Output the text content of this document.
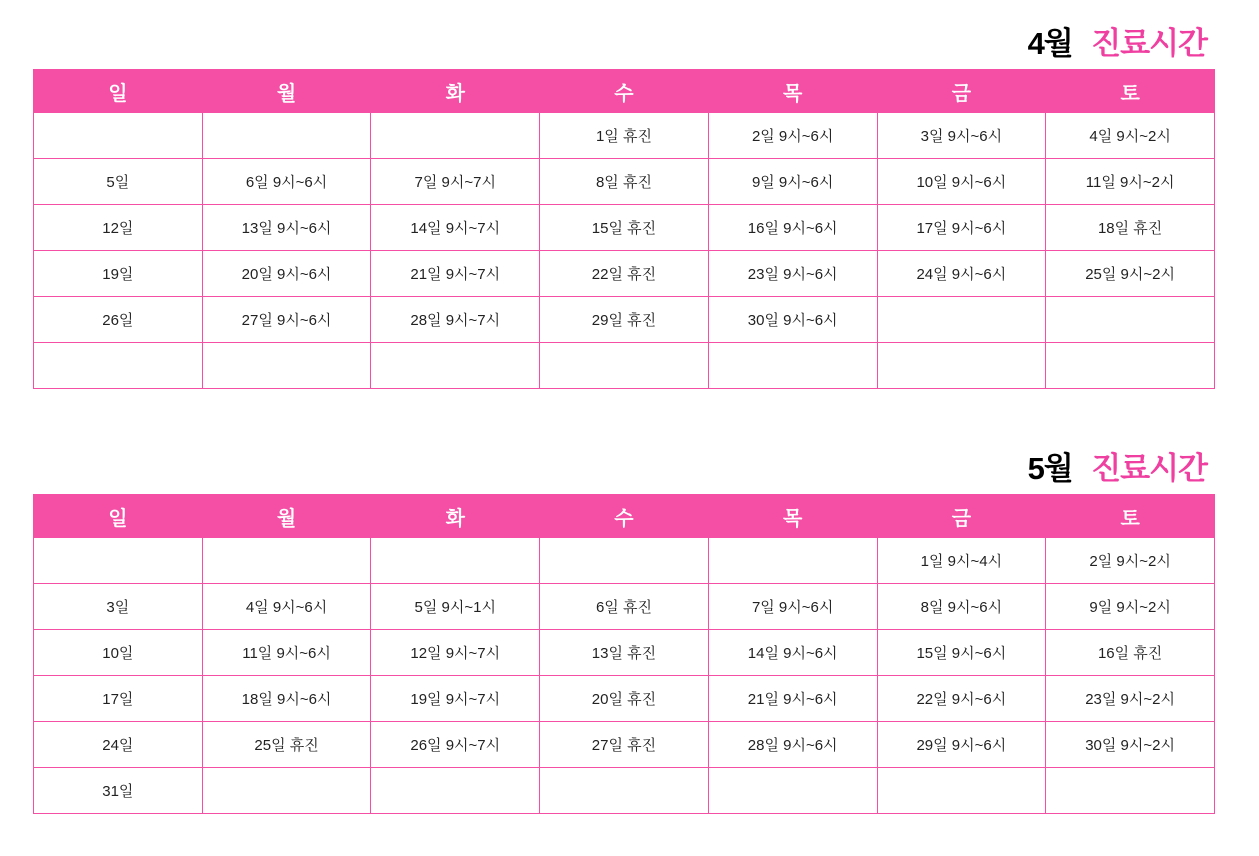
4월 진료시간
일	월	화	수	목	금	토
			1일 휴진	2일 9시~6시	3일 9시~6시	4일 9시~2시
5일	6일 9시~6시	7일 9시~7시	8일 휴진	9일 9시~6시	10일 9시~6시	11일 9시~2시
12일	13일 9시~6시	14일 9시~7시	15일 휴진	16일 9시~6시	17일 9시~6시	18일 휴진
19일	20일 9시~6시	21일 9시~7시	22일 휴진	23일 9시~6시	24일 9시~6시	25일 9시~2시
26일	27일 9시~6시	28일 9시~7시	29일 휴진	30일 9시~6시		

5월 진료시간
일	월	화	수	목	금	토
					1일 9시~4시	2일 9시~2시
3일	4일 9시~6시	5일 9시~1시	6일 휴진	7일 9시~6시	8일 9시~6시	9일 9시~2시
10일	11일 9시~6시	12일 9시~7시	13일 휴진	14일 9시~6시	15일 9시~6시	16일 휴진
17일	18일 9시~6시	19일 9시~7시	20일 휴진	21일 9시~6시	22일 9시~6시	23일 9시~2시
24일	25일 휴진	26일 9시~7시	27일 휴진	28일 9시~6시	29일 9시~6시	30일 9시~2시
31일						
